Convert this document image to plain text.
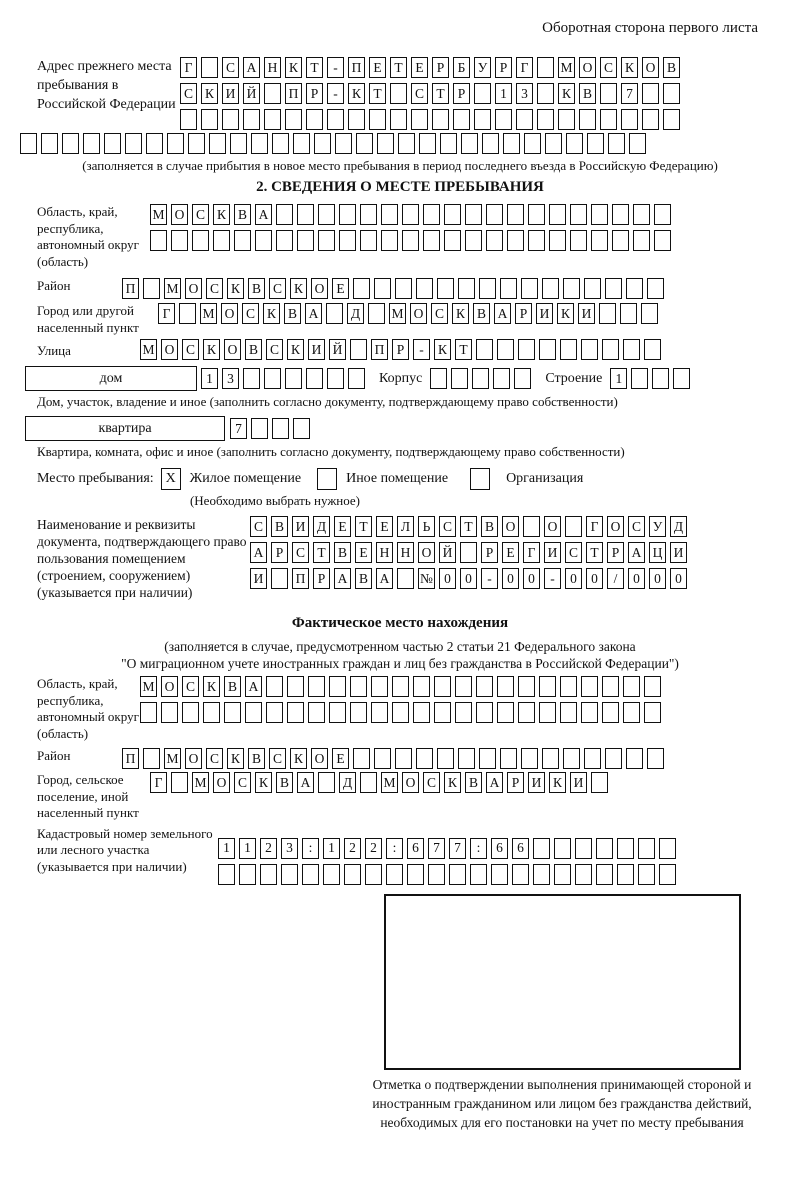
Оборотная сторона первого листа
Адрес прежнего места пребывания в Российской Федерации
Г	С А Н К Т	-	П Е Т Е Р Б У Р Г	М О С К О В
С К И Й П Р	-	К Т	С Т Р	1	3	К В	7
(заполняется в случае прибытия в новое место пребывания в период последнего въезда в Российскую Федерацию)
2. СВЕДЕНИЯ О МЕСТЕ ПРЕБЫВАНИЯ
Область, край, республика, автономный округ (область)
М О С К В А
Район	П М О С К В С К О Е
Город или другой населенный пункт
Г	М О С К В А Д М О С К В А Р И К И
Улица	М О С К О В С К И Й П Р	-	К Т
дом	1	3	Корпус	Строение 1
Дом, участок, владение и иное (заполнить согласно документу, подтверждающему право собственности)
квартира	7
Квартира, комната, офис и иное (заполнить согласно документу, подтверждающему право собственности)
Место пребывания: X Жилое помещение	Иное помещение	Организация
(Необходимо выбрать нужное)
Наименование и реквизиты документа, подтверждающего право пользования помещением (строением, сооружением) (указывается при наличии)
С В И Д Е Т Е Л Ь С Т В О О	Г О С У Д
А Р С Т В Е Н Н О Й	Р Е Г И С Т Р А Ц И
И П Р А В А № 0	0	-	0	0	-	0	0	/	0	0	0
Фактическое место нахождения
(заполняется в случае, предусмотренном частью 2 статьи 21 Федерального закона
"О миграционном учете иностранных граждан и лиц без гражданства в Российской Федерации")
Область, край, республика, автономный округ (область)
М О С К В А
Район	П М О С К В С К О Е
Город, сельское поселение, иной населенный пункт
Г	М О С К В А Д М О С К В А Р И К И
Кадастровый номер земельного или лесного участка (указывается при наличии)
1	1	2	3	:	1	2	2	:	6	7	7	:	6	6
Отметка о подтверждении выполнения принимающей стороной и иностранным гражданином или лицом без гражданства действий, необходимых для его постановки на учет по месту пребывания
